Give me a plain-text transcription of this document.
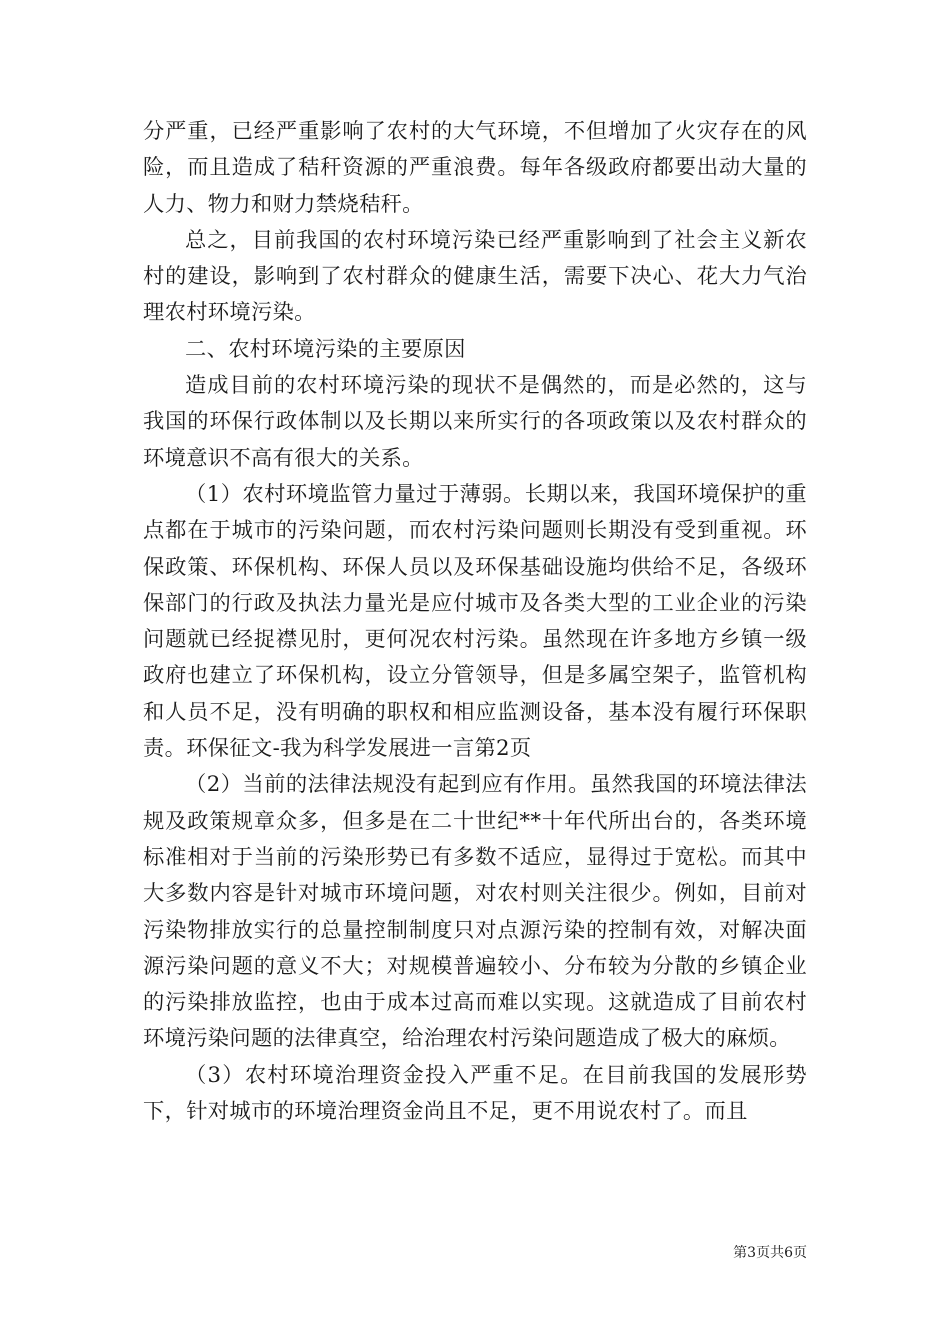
分严重，已经严重影响了农村的大气环境，不但增加了火灾存在的风险，而且造成了秸秆资源的严重浪费。每年各级政府都要出动大量的人力、物力和财力禁烧秸秆。

总之，目前我国的农村环境污染已经严重影响到了社会主义新农村的建设，影响到了农村群众的健康生活，需要下决心、花大力气治理农村环境污染。

二、农村环境污染的主要原因

造成目前的农村环境污染的现状不是偶然的，而是必然的，这与我国的环保行政体制以及长期以来所实行的各项政策以及农村群众的环境意识不高有很大的关系。

（1）农村环境监管力量过于薄弱。长期以来，我国环境保护的重点都在于城市的污染问题，而农村污染问题则长期没有受到重视。环保政策、环保机构、环保人员以及环保基础设施均供给不足，各级环保部门的行政及执法力量光是应付城市及各类大型的工业企业的污染问题就已经捉襟见肘，更何况农村污染。虽然现在许多地方乡镇一级政府也建立了环保机构，设立分管领导，但是多属空架子，监管机构和人员不足，没有明确的职权和相应监测设备，基本没有履行环保职责。环保征文-我为科学发展进一言第2页

（2）当前的法律法规没有起到应有作用。虽然我国的环境法律法规及政策规章众多，但多是在二十世纪**十年代所出台的，各类环境标准相对于当前的污染形势已有多数不适应，显得过于宽松。而其中大多数内容是针对城市环境问题，对农村则关注很少。例如，目前对污染物排放实行的总量控制制度只对点源污染的控制有效，对解决面源污染问题的意义不大；对规模普遍较小、分布较为分散的乡镇企业的污染排放监控，也由于成本过高而难以实现。这就造成了目前农村环境污染问题的法律真空，给治理农村污染问题造成了极大的麻烦。

（3）农村环境治理资金投入严重不足。在目前我国的发展形势下，针对城市的环境治理资金尚且不足，更不用说农村了。而且

第3页共6页
